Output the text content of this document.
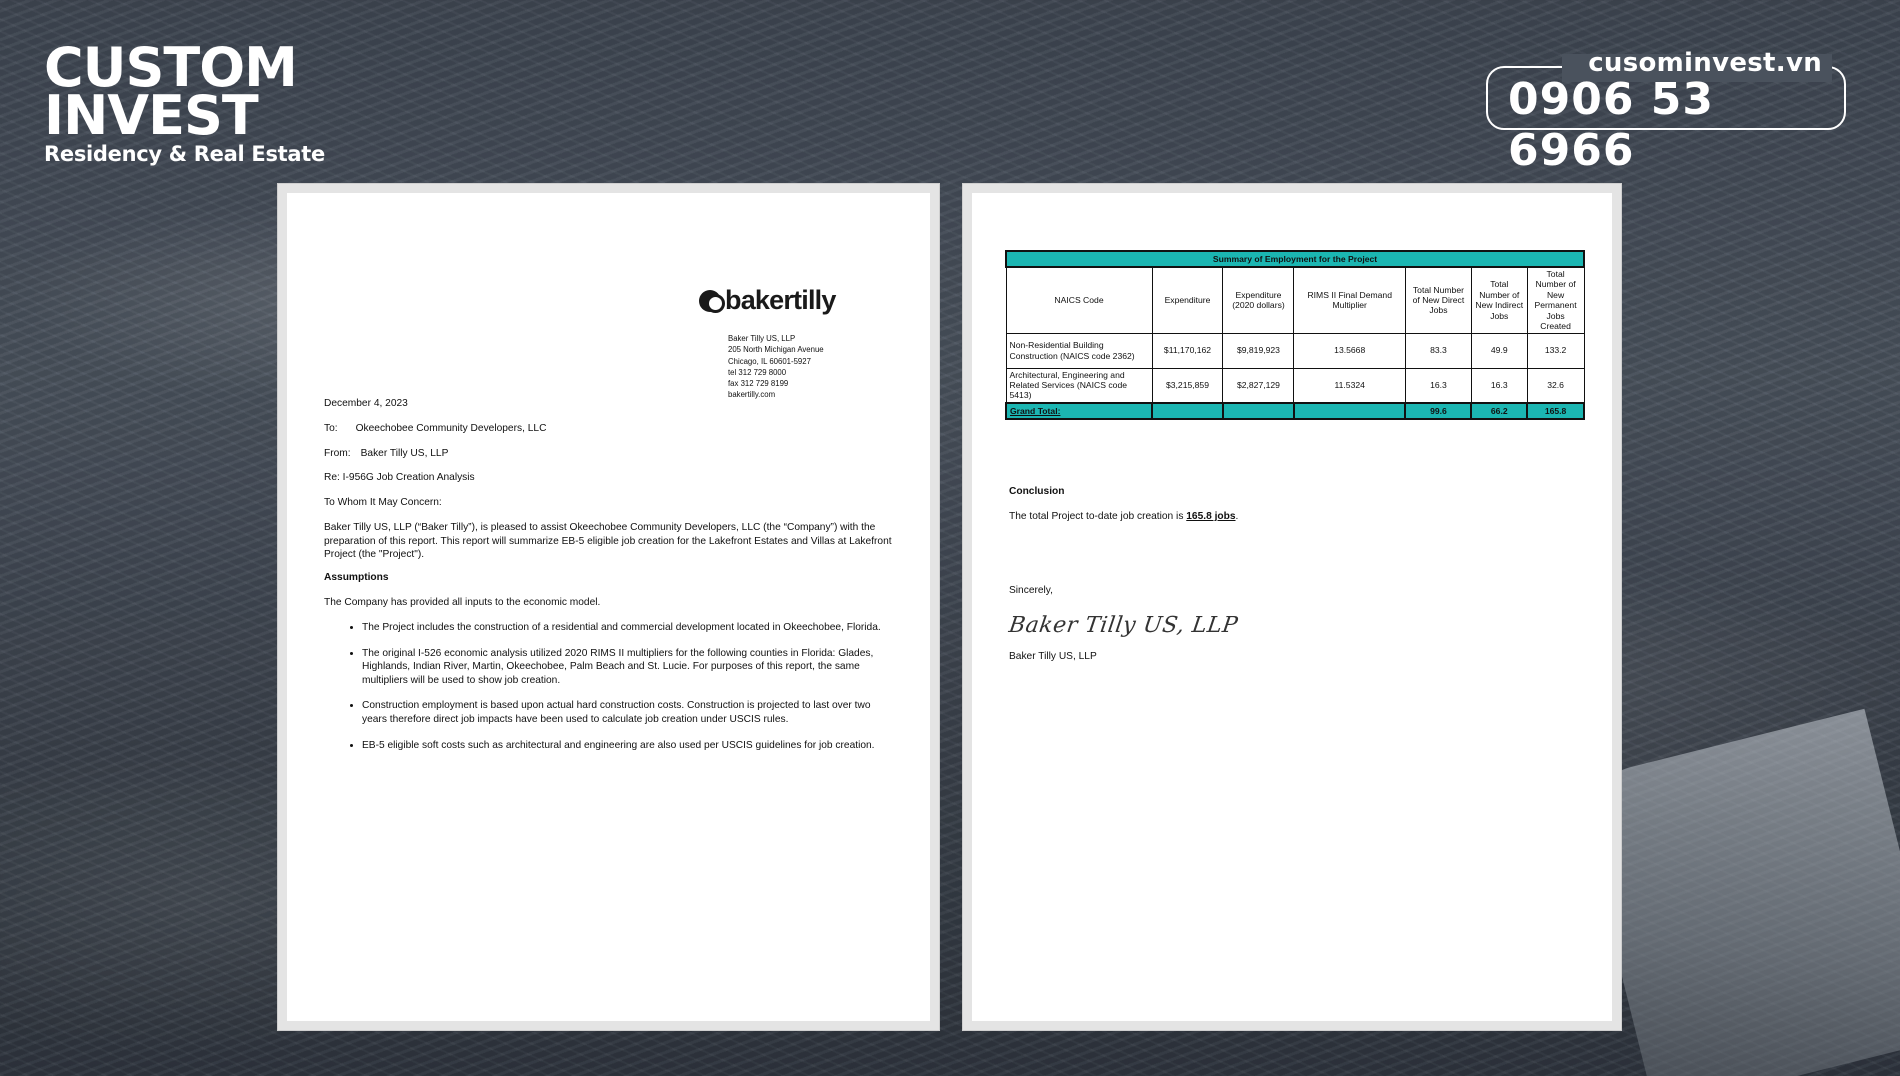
CUSTOM
INVEST
Residency & Real Estate
cusominvest.vn
0906 53 6966
bakertilly
Baker Tilly US, LLP
205 North Michigan Avenue
Chicago, IL 60601-5927
tel 312 729 8000
fax 312 729 8199
bakertilly.com
December 4, 2023
To: Okeechobee Community Developers, LLC
From: Baker Tilly US, LLP
Re: I-956G Job Creation Analysis
To Whom It May Concern:
Baker Tilly US, LLP (“Baker Tilly”), is pleased to assist Okeechobee Community Developers, LLC (the “Company”) with the preparation of this report. This report will summarize EB-5 eligible job creation for the Lakefront Estates and Villas at Lakefront Project (the "Project").
Assumptions
The Company has provided all inputs to the economic model.
• The Project includes the construction of a residential and commercial development located in Okeechobee, Florida.
• The original I-526 economic analysis utilized 2020 RIMS II multipliers for the following counties in Florida: Glades, Highlands, Indian River, Martin, Okeechobee, Palm Beach and St. Lucie. For purposes of this report, the same multipliers will be used to show job creation.
• Construction employment is based upon actual hard construction costs. Construction is projected to last over two years therefore direct job impacts have been used to calculate job creation under USCIS rules.
• EB-5 eligible soft costs such as architectural and engineering are also used per USCIS guidelines for job creation.
Summary of Employment for the Project						
NAICS Code	Expenditure	Expenditure (2020 dollars)	RIMS II Final Demand Multiplier	Total Number of New Direct Jobs	Total Number of New Indirect Jobs	Total Number of New Permanent Jobs Created
Non-Residential Building Construction (NAICS code 2362)	$11,170,162	$9,819,923	13.5668	83.3	49.9	133.2
Architectural, Engineering and Related Services (NAICS code 5413)	$3,215,859	$2,827,129	11.5324	16.3	16.3	32.6
Grand Total:				99.6	66.2	165.8
Conclusion
The total Project to-date job creation is 165.8 jobs.
Sincerely,
Baker Tilly US, LLP
Baker Tilly US, LLP
